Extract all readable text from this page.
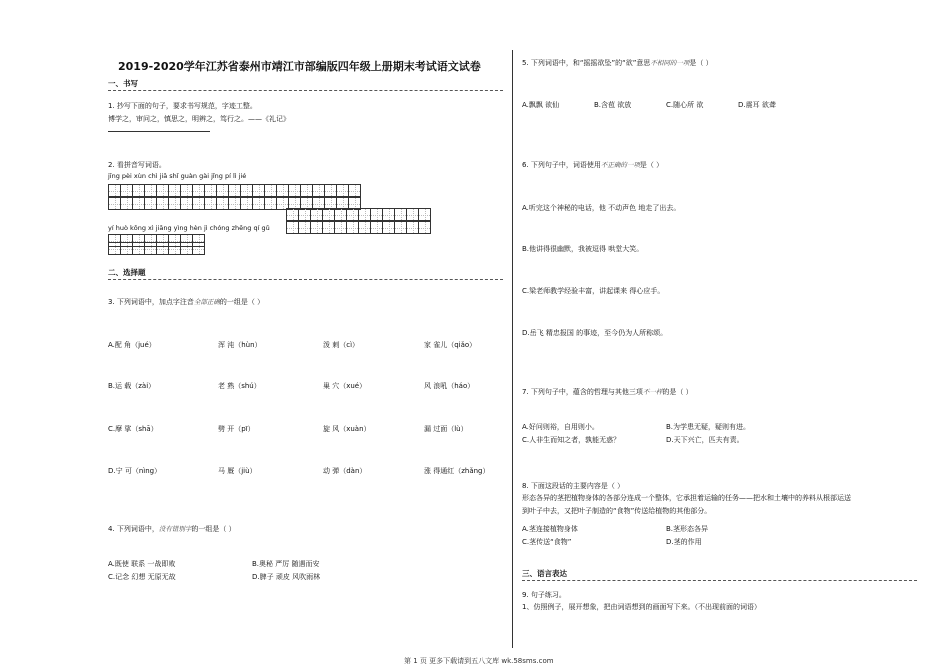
2019-2020学年江苏省泰州市靖江市部编版四年级上册期末考试语文试卷
一、书写
1. 抄写下面的句子，要求书写规范，字迹工整。
博学之，审问之，慎思之，明辨之，笃行之。——《礼记》
2. 看拼音写词语。
jīng pèi xùn chì jiā shǐ guàn gài jǐng pí lì jié
yí huò kōng xì jiāng yìng hèn jì chóng zhēng qí gǔ
二、选择题
3. 下列词语中，加点字注音全部正确的一组是（ ）
A.配 角（jué）	浑 沌（hùn）	泼 刺（cì）	家 雀儿（qiǎo）
B.运 载（zài）	老 熟（shú）	巢 穴（xué）	风 浪吼（háo）
C.摩 挲（shā）	劈 开（pī）	旋 风（xuàn）	漏 过面（lù）
D.宁 可（nìng）	马 厩（jiù）	动 弹（dàn）	涨 得通红（zhǎng）
4. 下列词语中，没有错别字的一组是（ ）
A.既使 联系 一战即败	B.奥秘 严厉 随遇而安
C.记念 幻想 无原无故	D.脾子 顽皮 风吹雨林
5. 下列词语中，和“摇摇欲坠”的“欲”意思不相同的一项是（ ）
A.飘飘 欲仙	B.含苞 欲放	C.随心所 欲	D.震耳 欲聋
6. 下列句子中，词语使用不正确的一项是（ ）
A.听完这个神秘的电话，他 不动声色 地走了出去。
B.他讲得很幽默，我被逗得 哄堂大笑。
C.梁老师教学经验丰富，讲起课来 得心应手。
D.岳飞 精忠报国 的事迹，至今仍为人所称颂。
7. 下列句子中，蕴含的哲理与其他三项不一样的是（ ）
A.好问则裕，自用则小。	B.为学患无疑，疑则有进。
C.人非生而知之者，孰能无惑？	D.天下兴亡，匹夫有责。
8. 下面这段话的主要内容是（ ）
形态各异的茎把植物身体的各部分连成一个整体，它承担着运输的任务——把水和土壤中的养料从根部运送
到叶子中去，又把叶子制造的“食物”传送给植物的其他部分。
A.茎连接植物身体	B.茎形态各异
C.茎传送“食物”	D.茎的作用
三、语言表达
9. 句子练习。
1、仿照例子，展开想象，把由词语想到的画面写下来。（不出现前面的词语）
第 1 页 更多下载请到五八文库 wk.58sms.com
